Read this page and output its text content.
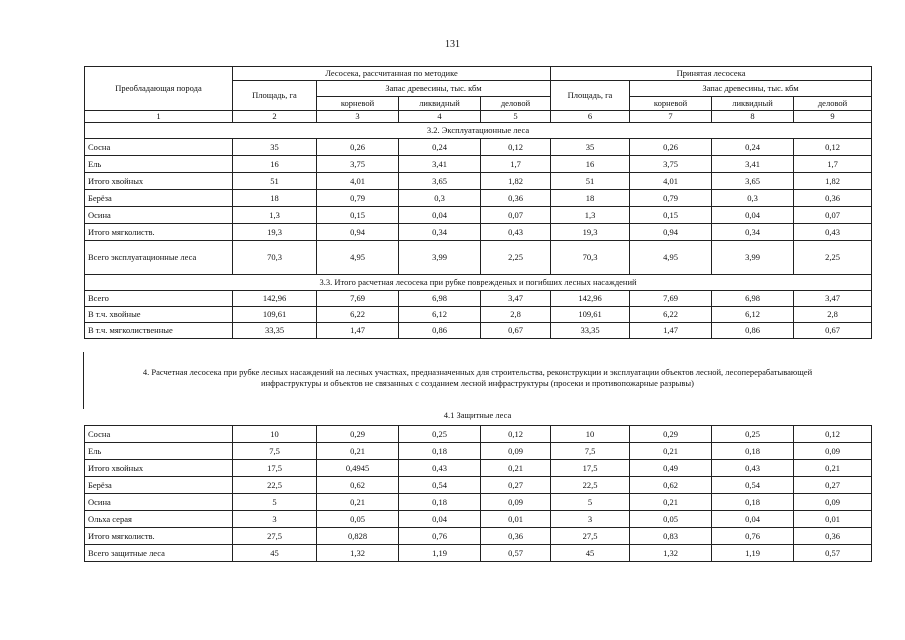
131
Преобладающая порода	Лесосека, рассчитанная по методике				Принятая лесосека			
	Площадь, га	Запас древесины, тыс. кбм			Площадь, га	Запас древесины, тыс. кбм		
		корневой	ликвидный	деловой		корневой	ликвидный	деловой
1	2	3	4	5	6	7	8	9
3.2. Эксплуатационные леса								
Сосна	35	0,26	0,24	0,12	35	0,26	0,24	0,12
Ель	16	3,75	3,41	1,7	16	3,75	3,41	1,7
Итого хвойных	51	4,01	3,65	1,82	51	4,01	3,65	1,82
Берёза	18	0,79	0,3	0,36	18	0,79	0,3	0,36
Осина	1,3	0,15	0,04	0,07	1,3	0,15	0,04	0,07
Итого мягколиств.	19,3	0,94	0,34	0,43	19,3	0,94	0,34	0,43
Всего эксплуатационные леса	70,3	4,95	3,99	2,25	70,3	4,95	3,99	2,25
3.3. Итого расчетная лесосека при рубке поврежденых и погибших лесных насаждений								
Всего	142,96	7,69	6,98	3,47	142,96	7,69	6,98	3,47
В т.ч. хвойные	109,61	6,22	6,12	2,8	109,61	6,22	6,12	2,8
В т.ч. мягколиственные	33,35	1,47	0,86	0,67	33,35	1,47	0,86	0,67
4. Расчетная лесосека при рубке лесных насаждений на лесных участках, предназначенных для строительства, реконструкции и эксплуатации объектов лесной, лесоперерабатывающей
инфраструктуры и объектов не связанных с созданием лесной инфраструктуры (просеки и противопожарные разрывы)
4.1 Защитные леса
Сосна	10	0,29	0,25	0,12	10	0,29	0,25	0,12
Ель	7,5	0,21	0,18	0,09	7,5	0,21	0,18	0,09
Итого хвойных	17,5	0,4945	0,43	0,21	17,5	0,49	0,43	0,21
Берёза	22,5	0,62	0,54	0,27	22,5	0,62	0,54	0,27
Осина	5	0,21	0,18	0,09	5	0,21	0,18	0,09
Ольха серая	3	0,05	0,04	0,01	3	0,05	0,04	0,01
Итого мягколиств.	27,5	0,828	0,76	0,36	27,5	0,83	0,76	0,36
Всего защитные леса	45	1,32	1,19	0,57	45	1,32	1,19	0,57
